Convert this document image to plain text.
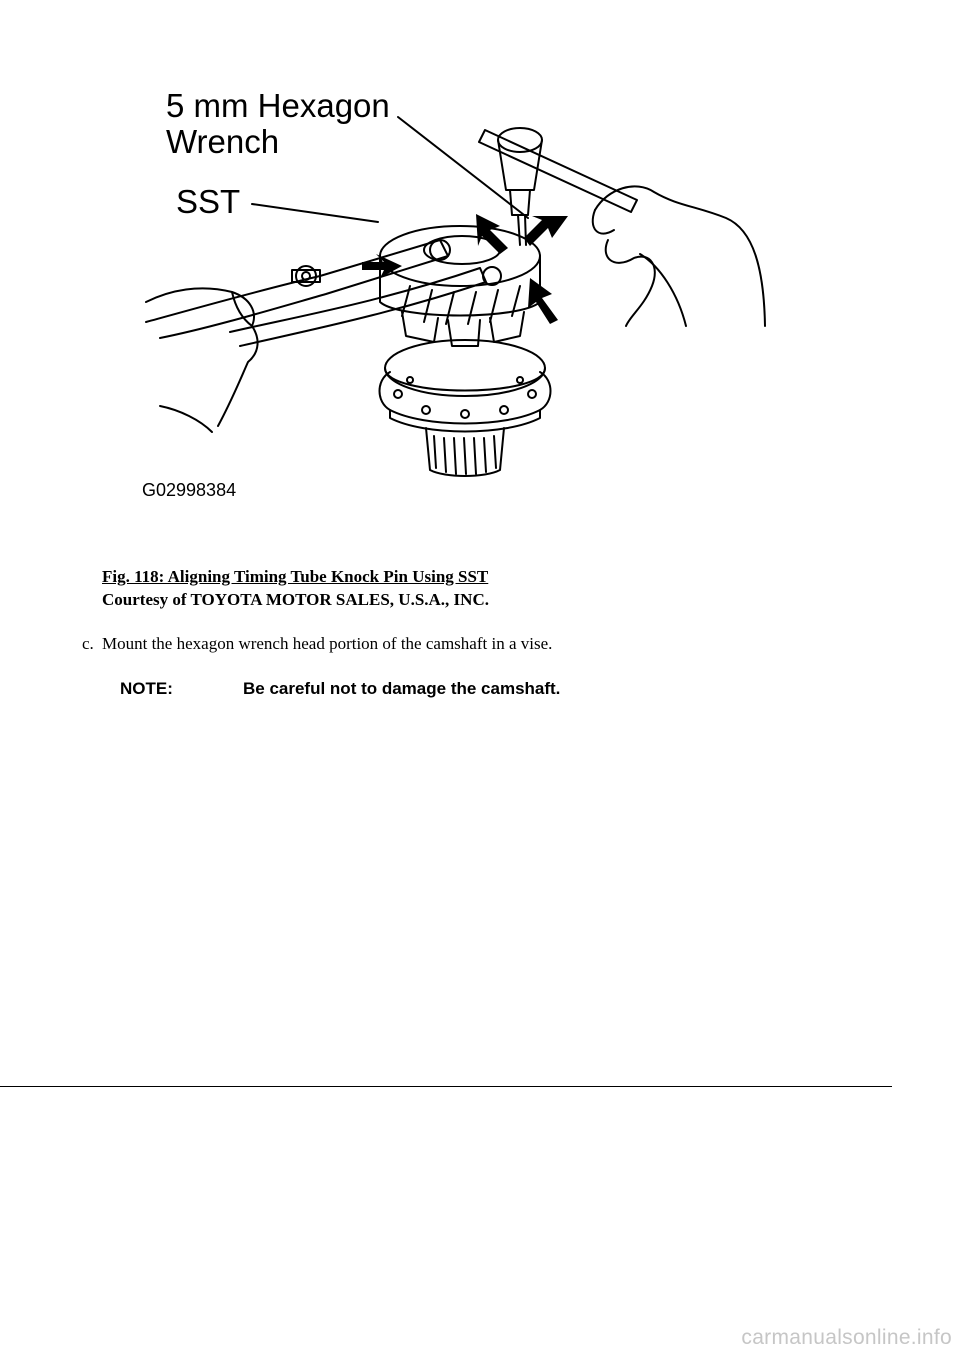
5 mm Hexagon
Wrench
SST
G02998384
Fig. 118: Aligning Timing Tube Knock Pin Using SST
Courtesy of TOYOTA MOTOR SALES, U.S.A., INC.
c. Mount the hexagon wrench head portion of the camshaft in a vise.
NOTE:	Be careful not to damage the camshaft.
carmanualsonline.info
